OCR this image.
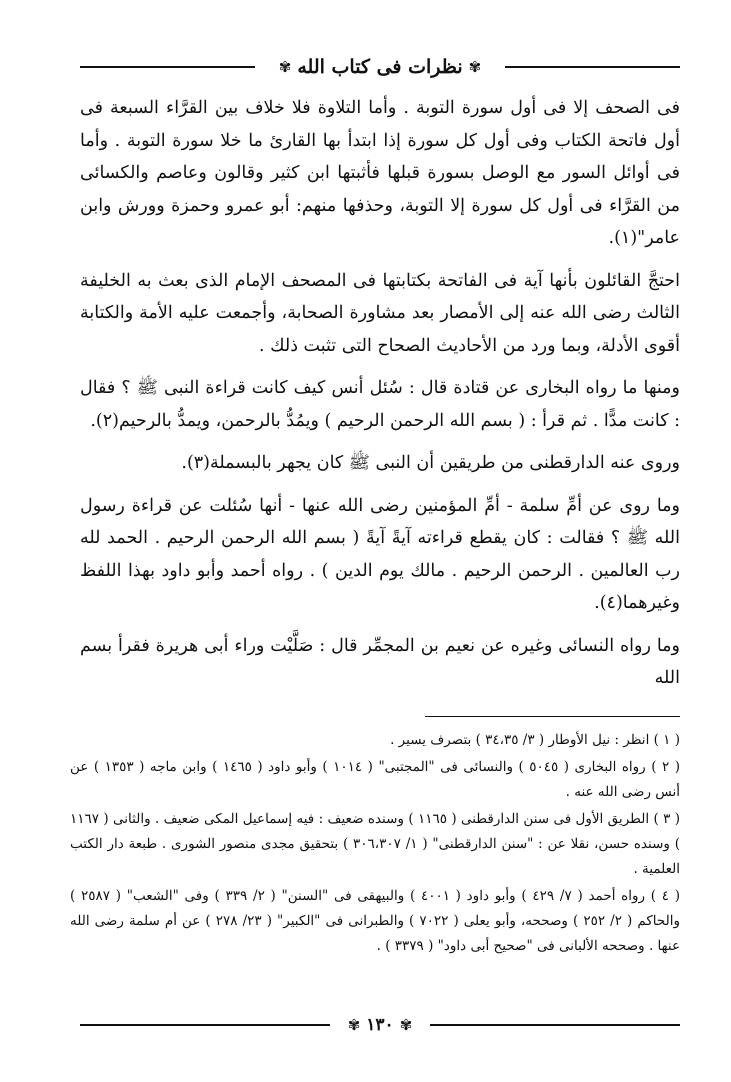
✾
نظرات فى كتاب الله
✾

فى الصحف إلا فى أول سورة التوبة . وأما التلاوة فلا خلاف بين القرَّاء السبعة فى أول فاتحة الكتاب وفى أول كل سورة إذا ابتدأ بها القارئ ما خلا سورة التوبة . وأما فى أوائل السور مع الوصل بسورة قبلها فأثبتها ابن كثير وقالون وعاصم والكسائى من القرَّاء فى أول كل سورة إلا التوبة، وحذفها منهم: أبو عمرو وحمزة وورش وابن عامر"(١).

احتجَّ القائلون بأنها آية فى الفاتحة بكتابتها فى المصحف الإمام الذى بعث به الخليفة الثالث رضى الله عنه إلى الأمصار بعد مشاورة الصحابة، وأجمعت عليه الأمة والكتابة أقوى الأدلة، وبما ورد من الأحاديث الصحاح التى تثبت ذلك .

ومنها ما رواه البخارى عن قتادة قال : سُئل أنس كيف كانت قراءة النبى ﷺ ؟ فقال : كانت مدًّا . ثم قرأ : ( بسم الله الرحمن الرحيم ) ويمُدُّ بالرحمن، ويمدُّ بالرحيم(٢).

وروى عنه الدارقطنى من طريقين أن النبى ﷺ كان يجهر بالبسملة(٣).

وما روى عن أمِّ سلمة - أمِّ المؤمنين رضى الله عنها - أنها سُئلت عن قراءة رسول الله ﷺ ؟ فقالت : كان يقطع قراءته آيةً آيةً ( بسم الله الرحمن الرحيم . الحمد لله رب العالمين . الرحمن الرحيم . مالك يوم الدين ) . رواه أحمد وأبو داود بهذا اللفظ وغيرهما(٤).

وما رواه النسائى وغيره عن نعيم بن المجمِّر قال : صَلَّيْت وراء أبى هريرة فقرأ بسم الله

( ١ ) انظر : نيل الأوطار ( ٣/ ٣٤،٣٥ ) بتصرف يسير .

( ٢ ) رواه البخارى ( ٥٠٤٥ ) والنسائى فى "المجتبى" ( ١٠١٤ ) وأبو داود ( ١٤٦٥ ) وابن ماجه ( ١٣٥٣ ) عن أنس رضى الله عنه .

( ٣ ) الطريق الأول فى سنن الدارقطنى ( ١١٦٥ ) وسنده ضعيف : فيه إسماعيل المكى ضعيف . والثانى ( ١١٦٧ ) وسنده حسن، نقلا عن : "سنن الدارقطنى" ( ١/ ٣٠٦،٣٠٧ ) بتحقيق مجدى منصور الشورى . طبعة دار الكتب العلمية .

( ٤ ) رواه أحمد ( ٧/ ٤٢٩ ) وأبو داود ( ٤٠٠١ ) والبيهقى فى "السنن" ( ٢/ ٣٣٩ ) وفى "الشعب" ( ٢٥٨٧ ) والحاكم ( ٢/ ٢٥٢ ) وصححه، وأبو يعلى ( ٧٠٢٢ ) والطبرانى فى "الكبير" ( ٢٣/ ٢٧٨ ) عن أم سلمة رضى الله عنها . وصححه الألبانى فى "صحيح أبى داود" ( ٣٣٧٩ ) .

✾ ١٣٠ ✾
